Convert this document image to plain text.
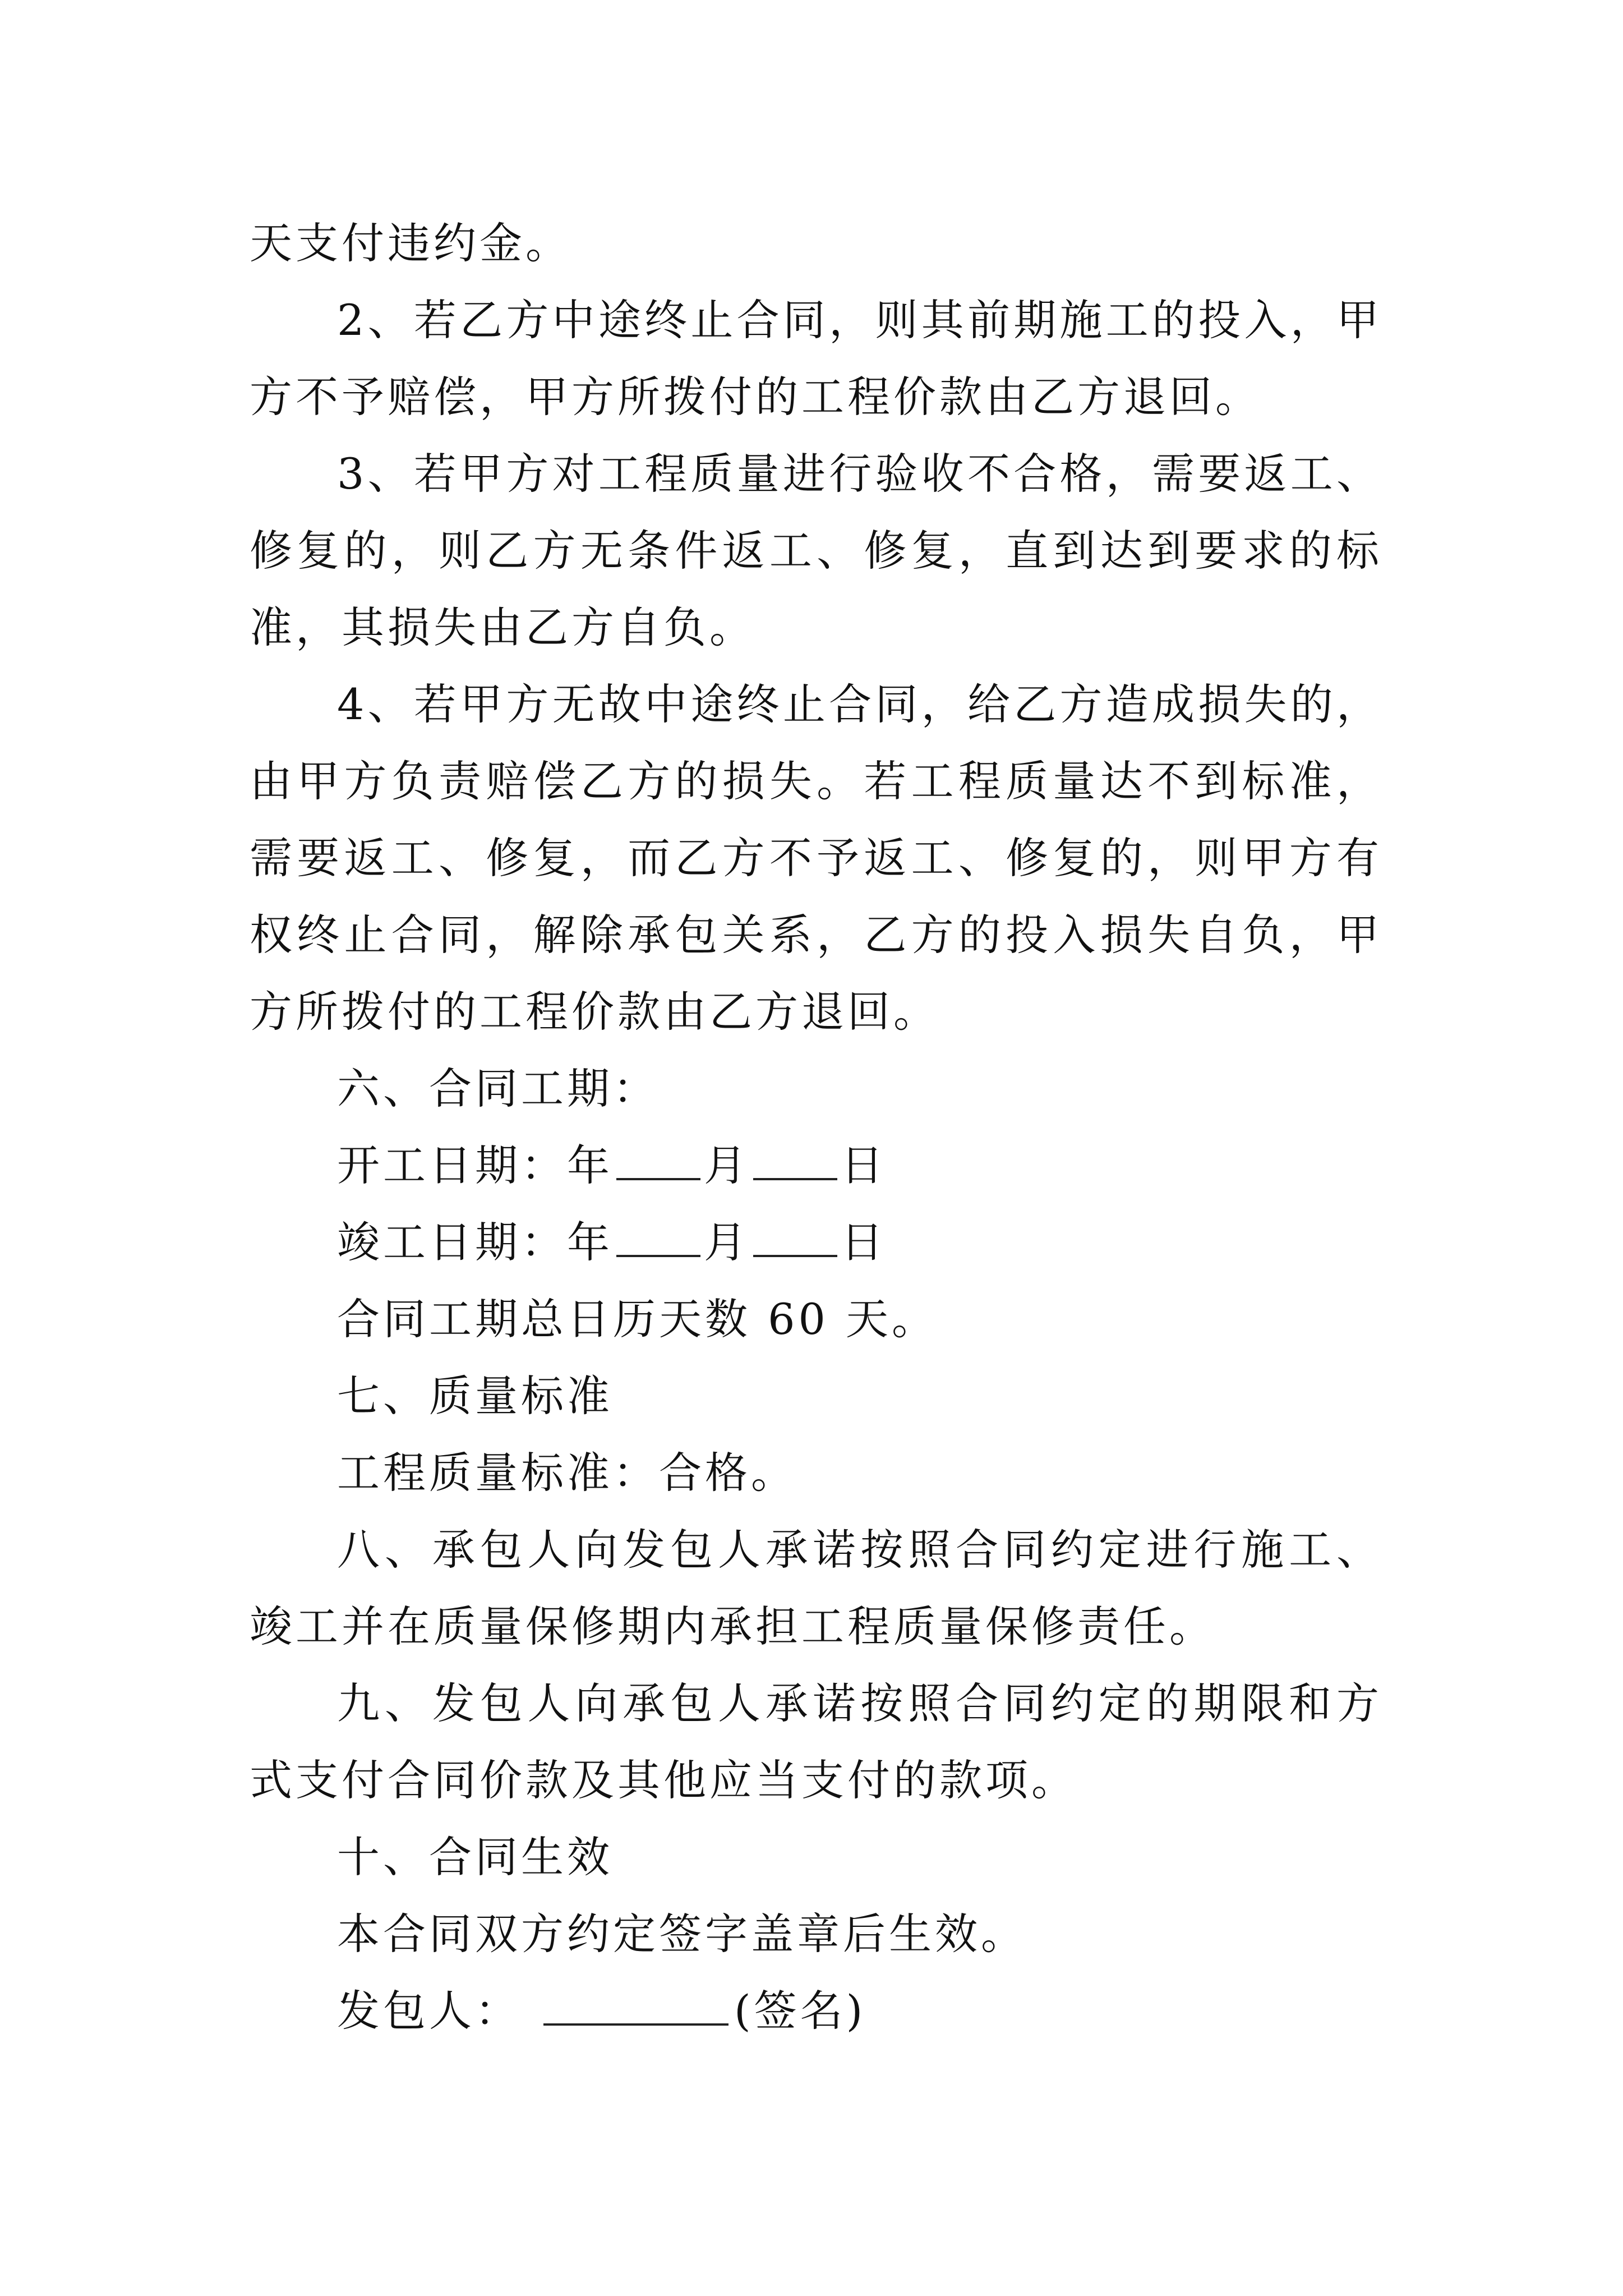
天支付违约金。

2、若乙方中途终止合同，则其前期施工的投入，甲方不予赔偿，甲方所拨付的工程价款由乙方退回。

3、若甲方对工程质量进行验收不合格，需要返工、修复的，则乙方无条件返工、修复，直到达到要求的标准，其损失由乙方自负。

4、若甲方无故中途终止合同，给乙方造成损失的，由甲方负责赔偿乙方的损失。若工程质量达不到标准，需要返工、修复，而乙方不予返工、修复的，则甲方有权终止合同，解除承包关系，乙方的投入损失自负，甲方所拨付的工程价款由乙方退回。

六、合同工期：

开工日期：年 月 日

竣工日期：年 月 日

合同工期总日历天数 60 天。

七、质量标准

工程质量标准：合格。

八、承包人向发包人承诺按照合同约定进行施工、竣工并在质量保修期内承担工程质量保修责任。

九、发包人向承包人承诺按照合同约定的期限和方式支付合同价款及其他应当支付的款项。

十、合同生效

本合同双方约定签字盖章后生效。

发包人：	(签名)
